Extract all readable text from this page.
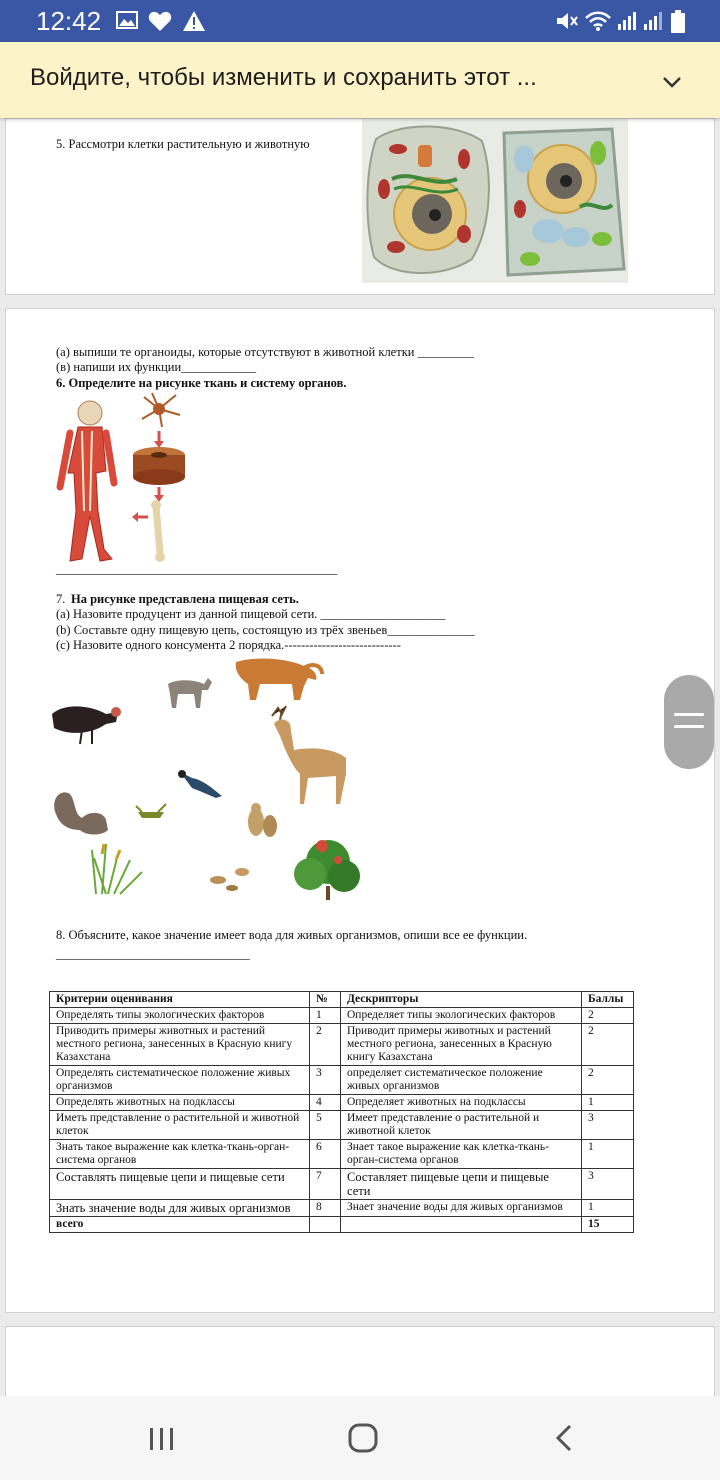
12:42
Войдите, чтобы изменить и сохранить этот ...
5. Рассмотри клетки растительную и животную
(а) выпиши те органоиды, которые отсутствуют в животной клетки _________
(в) напиши их функции____________
6. Определите на рисунке ткань и систему органов.
_____________________________________________
7. На рисунке представлена пищевая сеть.
(а) Назовите продуцент из данной пищевой сети. ____________________
(b) Составьте одну пищевую цепь, состоящую из трёх звеньев______________
(c) Назовите одного консумента 2 порядка.----------------------------
8. Объясните, какое значение имеет вода для живых организмов, опиши все ее функции.
_______________________________
Критерии оценивания	№	Дескрипторы	Баллы
Определять типы экологических факторов	1	Определяет типы экологических факторов	2
Приводить примеры животных и растений местного региона, занесенных в Красную книгу Казахстана	2	Приводит примеры животных и растений местного региона, занесенных в Красную книгу Казахстана	2
Определять систематическое положение живых организмов	3	определяет систематическое положение живых организмов	2
Определять животных на подклассы	4	Определяет животных на подклассы	1
Иметь представление о растительной и животной клеток	5	Имеет представление о растительной и животной клеток	3
Знать такое выражение как клетка-ткань-орган-система органов	6	Знает такое выражение как клетка-ткань-орган-система органов	1
Составлять пищевые цепи и пищевые сети	7	Составляет пищевые цепи и пищевые сети	3
Знать значение воды для живых организмов	8	Знает значение воды для живых организмов	1
всего			15
